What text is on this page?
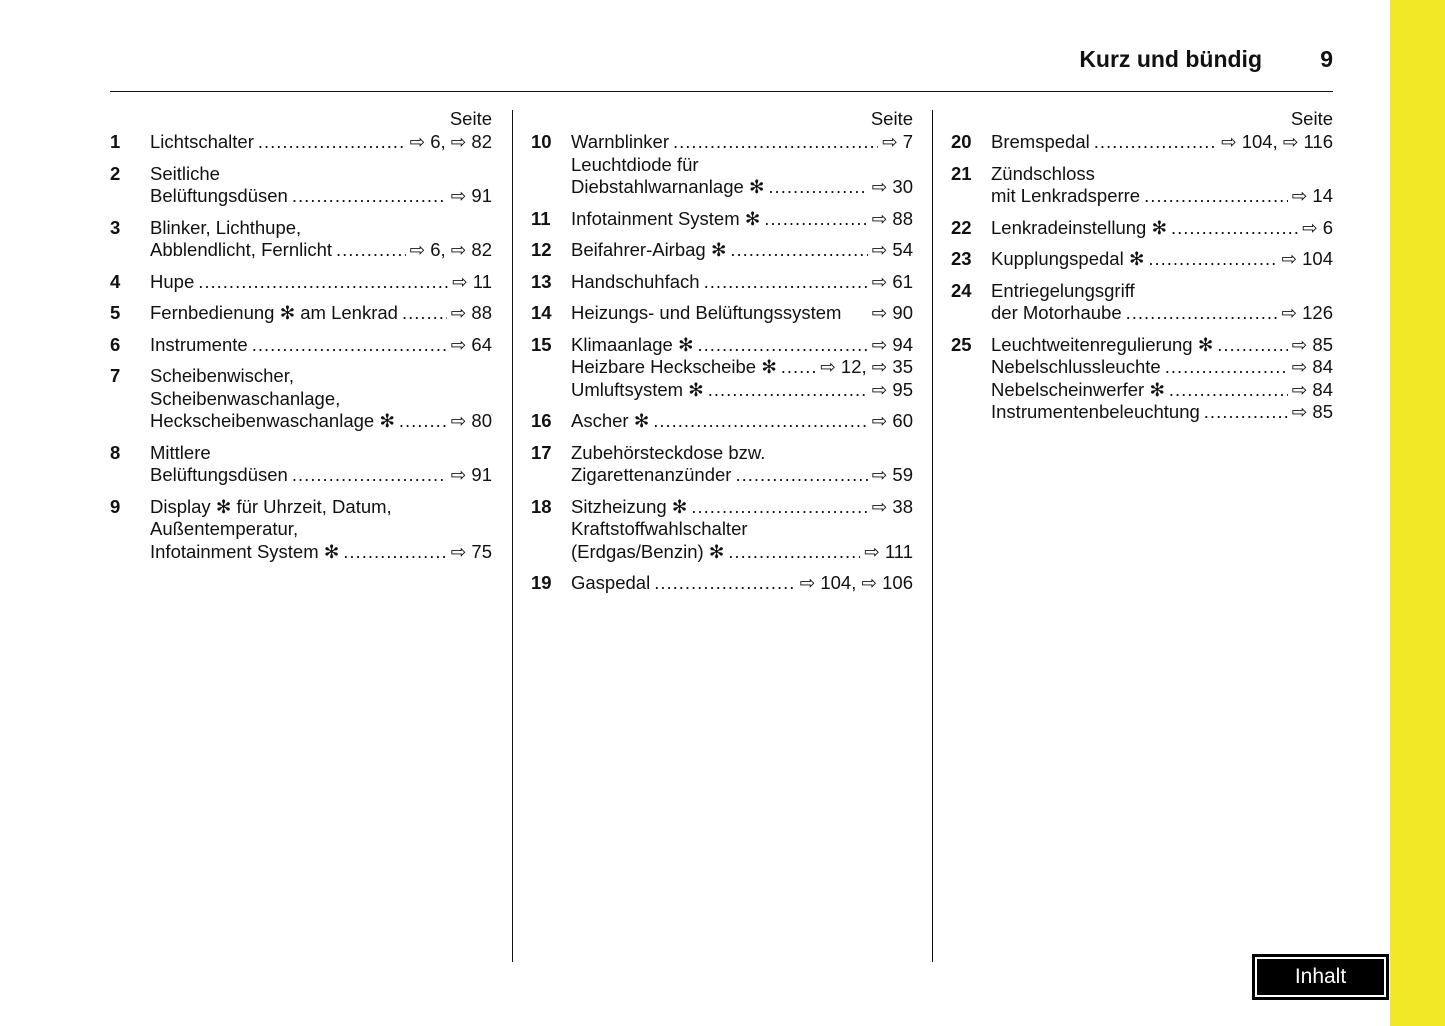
Kurz und bündig	9
Seite
1	Lichtschalter .....	⇨ 6, ⇨ 82
2	Seitliche
Belüftungsdüsen .....	⇨ 91
3	Blinker, Lichthupe,
Abblendlicht, Fernlicht .....	⇨ 6, ⇨ 82
4	Hupe .....	⇨ 11
5	Fernbedienung ✻ am Lenkrad .....	⇨ 88
6	Instrumente .....	⇨ 64
7	Scheibenwischer,
Scheibenwaschanlage,
Heckscheibenwaschanlage ✻ .....	⇨ 80
8	Mittlere
Belüftungsdüsen .....	⇨ 91
9	Display ✻ für Uhrzeit, Datum,
Außentemperatur,
Infotainment System ✻ .....	⇨ 75
Seite
10	Warnblinker .....	⇨ 7
Leuchtdiode für
Diebstahlwarnanlage ✻ .....	⇨ 30
11	Infotainment System ✻ .....	⇨ 88
12	Beifahrer-Airbag ✻ .....	⇨ 54
13	Handschuhfach .....	⇨ 61
14	Heizungs- und Belüftungssystem ⇨ 90
15	Klimaanlage ✻ .....	⇨ 94
Heizbare Heckscheibe ✻ ..... ⇨ 12, ⇨ 35
Umluftsystem ✻ .....	⇨ 95
16	Ascher ✻ .....	⇨ 60
17	Zubehörsteckdose bzw.
Zigarettenanzünder .....	⇨ 59
18	Sitzheizung ✻ .....	⇨ 38
Kraftstoffwahlschalter
(Erdgas/Benzin) ✻ .....	⇨ 111
19	Gaspedal .....	⇨ 104, ⇨ 106
Seite
20	Bremspedal .....	⇨ 104, ⇨ 116
21	Zündschloss
mit Lenkradsperre .....	⇨ 14
22	Lenkradeinstellung ✻ .....	⇨ 6
23	Kupplungspedal ✻ .....	⇨ 104
24	Entriegelungsgriff
der Motorhaube .....	⇨ 126
25	Leuchtweitenregulierung ✻ .....	⇨ 85
Nebelschlussleuchte .....	⇨ 84
Nebelscheinwerfer ✻ .....	⇨ 84
Instrumentenbeleuchtung .....	⇨ 85
Inhalt
